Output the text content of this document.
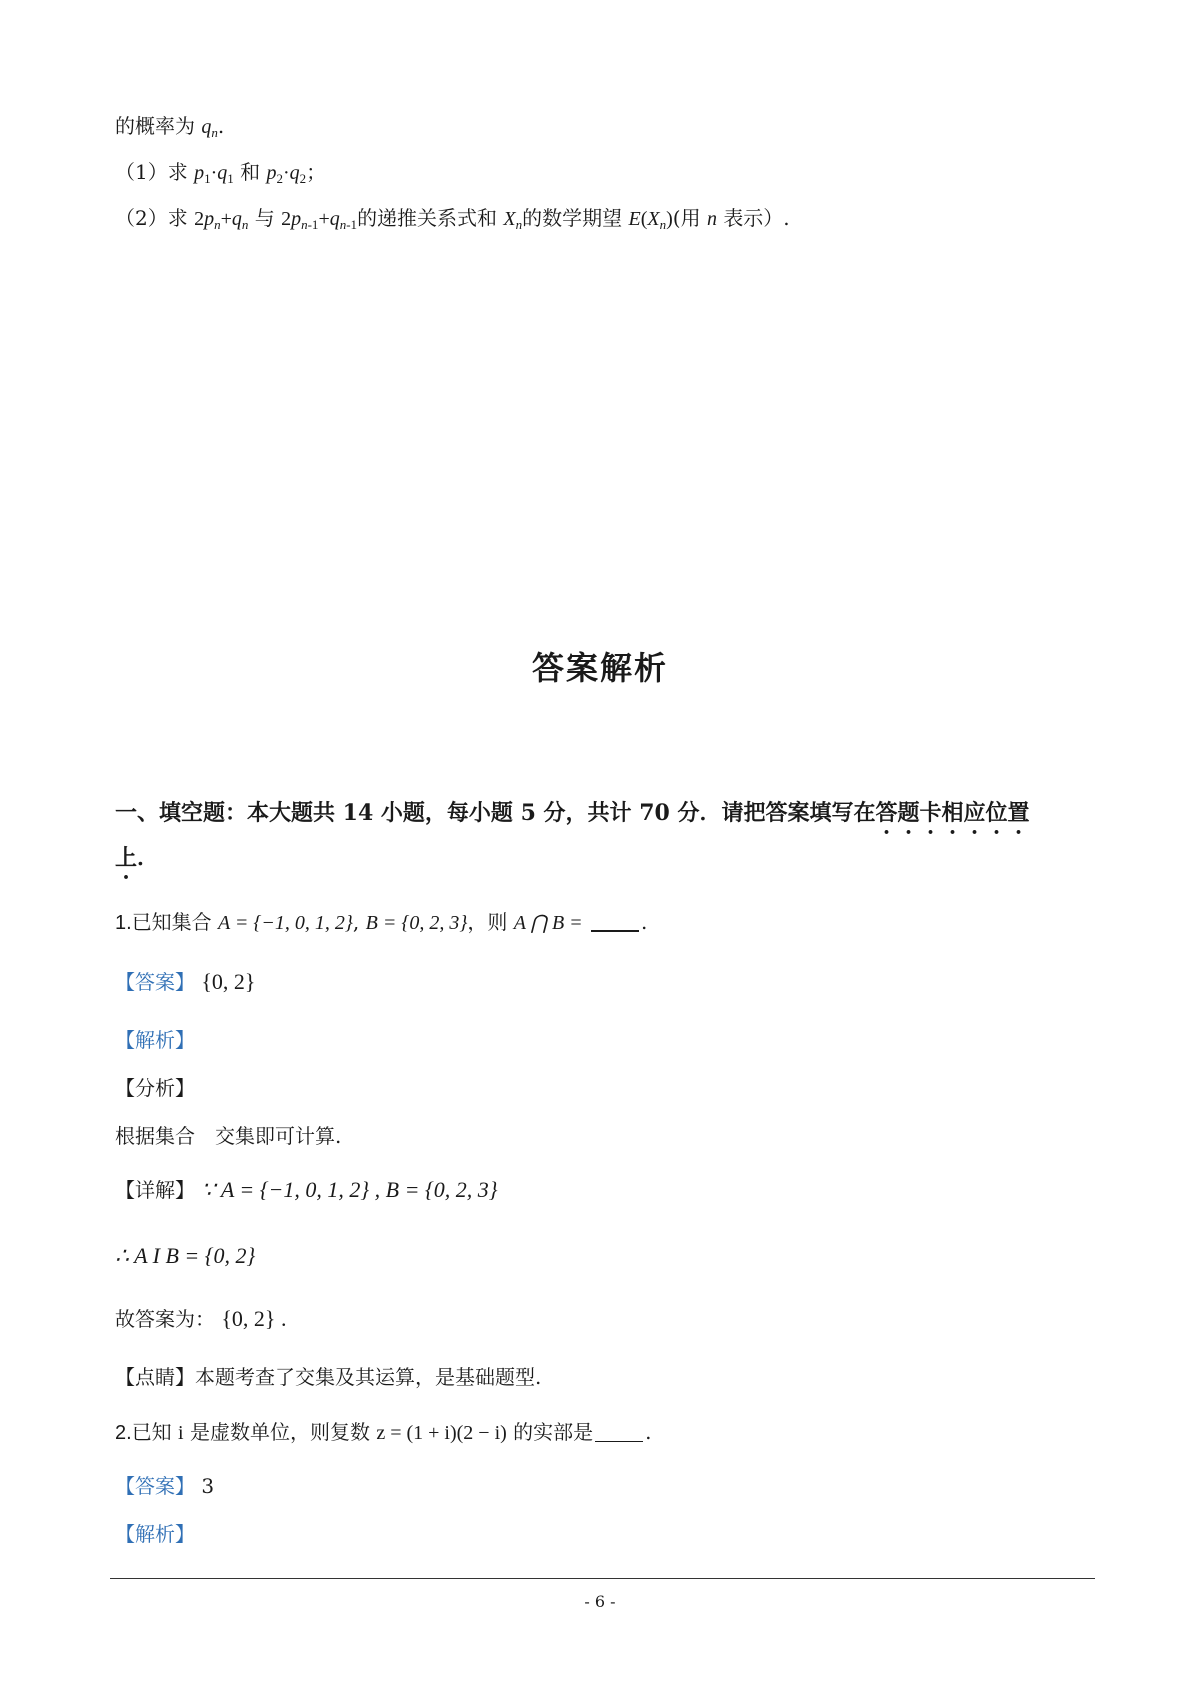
的概率为 $q_n$.
（1）求 $p_1\cdot q_1$ 和 $p_2\cdot q_2$；
（2）求 $2p_n+q_n$ 与 $2p_{n-1}+q_{n-1}$的递推关系式和 $X_n$的数学期望 $E(X_n)$(用 n 表示）.
答案解析
一、填空题：本大题共 14 小题，每小题 5 分，共计 70 分．请把答案填写在答题卡相应位置
上．
1.已知集合 A = {−1, 0, 1, 2}, B = {0, 2, 3}，则 A ⋂ B =	.
【答案】 {0, 2}
【解析】
【分析】
根据集合　交集即可计算.
【详解】 ∵ A = {−1, 0, 1, 2} , B = {0, 2, 3}
∴ A I B = {0, 2}
故答案为： {0, 2} .
【点睛】本题考查了交集及其运算，是基础题型.
2.已知 i 是虚数单位，则复数 z = (1 + i)(2 − i) 的实部是	.
【答案】 3
【解析】
- 6 -
